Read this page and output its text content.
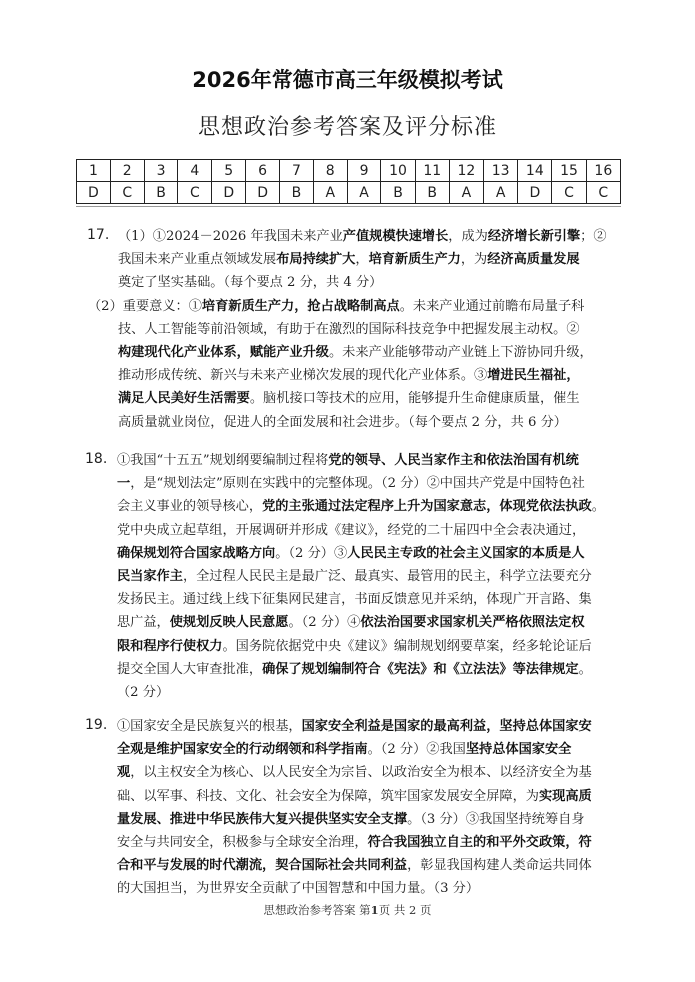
2026年常德市高三年级模拟考试
思想政治参考答案及评分标准
1	2	3	4	5	6	7	8	9	10	11	12	13	14	15	16
D	C	B	C	D	D	B	A	A	B	B	A	A	D	C	C
17. （1）①2024－2026 年我国未来产业产值规模快速增长，成为经济增长新引擎；②
我国未来产业重点领域发展布局持续扩大，培育新质生产力，为经济高质量发展
奠定了坚实基础。（每个要点 2 分，共 4 分）
（2）重要意义：①培育新质生产力，抢占战略制高点。未来产业通过前瞻布局量子科
技、人工智能等前沿领域，有助于在激烈的国际科技竞争中把握发展主动权。②
构建现代化产业体系，赋能产业升级。未来产业能够带动产业链上下游协同升级，
推动形成传统、新兴与未来产业梯次发展的现代化产业体系。③增进民生福祉，
满足人民美好生活需要。脑机接口等技术的应用，能够提升生命健康质量，催生
高质量就业岗位，促进人的全面发展和社会进步。（每个要点 2 分，共 6 分）
18. ①我国“十五五”规划纲要编制过程将党的领导、人民当家作主和依法治国有机统
一，是“规划法定”原则在实践中的完整体现。（2 分）②中国共产党是中国特色社
会主义事业的领导核心，党的主张通过法定程序上升为国家意志，体现党依法执政。
党中央成立起草组，开展调研并形成《建议》，经党的二十届四中全会表决通过，
确保规划符合国家战略方向。（2 分）③人民民主专政的社会主义国家的本质是人
民当家作主，全过程人民民主是最广泛、最真实、最管用的民主，科学立法要充分
发扬民主。通过线上线下征集网民建言，书面反馈意见并采纳，体现广开言路、集
思广益，使规划反映人民意愿。（2 分）④依法治国要求国家机关严格依照法定权
限和程序行使权力。国务院依据党中央《建议》编制规划纲要草案，经多轮论证后
提交全国人大审查批准，确保了规划编制符合《宪法》和《立法法》等法律规定。
（2 分）
19. ①国家安全是民族复兴的根基，国家安全利益是国家的最高利益，坚持总体国家安
全观是维护国家安全的行动纲领和科学指南。（2 分）②我国坚持总体国家安全
观，以主权安全为核心、以人民安全为宗旨、以政治安全为根本、以经济安全为基
础、以军事、科技、文化、社会安全为保障，筑牢国家发展安全屏障，为实现高质
量发展、推进中华民族伟大复兴提供坚实安全支撑。（3 分）③我国坚持统筹自身
安全与共同安全，积极参与全球安全治理，符合我国独立自主的和平外交政策，符
合和平与发展的时代潮流，契合国际社会共同利益，彰显我国构建人类命运共同体
的大国担当，为世界安全贡献了中国智慧和中国力量。（3 分）
思想政治参考答案 第1页 共 2 页
